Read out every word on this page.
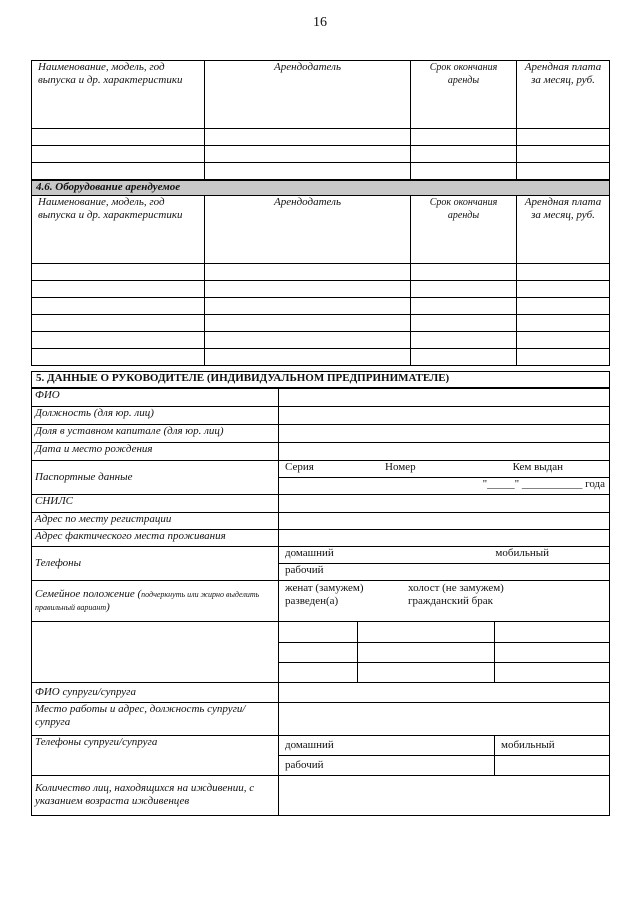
16
Наименование, модель, год выпуска и др. характеристики	Арендодатель	Срок окончания аренды	Арендная плата за месяц, руб.

4.6. Оборудование арендуемое			
Наименование, модель, год выпуска и др. характеристики	Арендодатель	Срок окончания аренды	Арендная плата за месяц, руб.

5. ДАННЫЕ О РУКОВОДИТЕЛЕ (ИНДИВИДУАЛЬНОМ ПРЕДПРИНИМАТЕЛЕ)
ФИО	
Должность (для юр. лиц)	
Доля в уставном капитале (для юр. лиц)	
Дата и место рождения	
Паспортные данные	
Серия	Номер	Кем выдан

"_____" ___________ года
СНИЛС	
Адрес по месту регистрации	
Адрес фактического места проживания	
Телефоны	
домашний	мобильный

рабочий
Семейное положение (подчеркнуть или жирно выделить правильный вариант)	
женат (замужем)	холост (не замужем)
разведен(а)	гражданский брак

ФИО супруги/супруга	
Место работы и адрес, должность супруги/супруга	
Телефоны супруги/супруга	домашний	мобильный
рабочий	
Количество лиц, находящихся на иждивении, с указанием возраста иждивенцев	
